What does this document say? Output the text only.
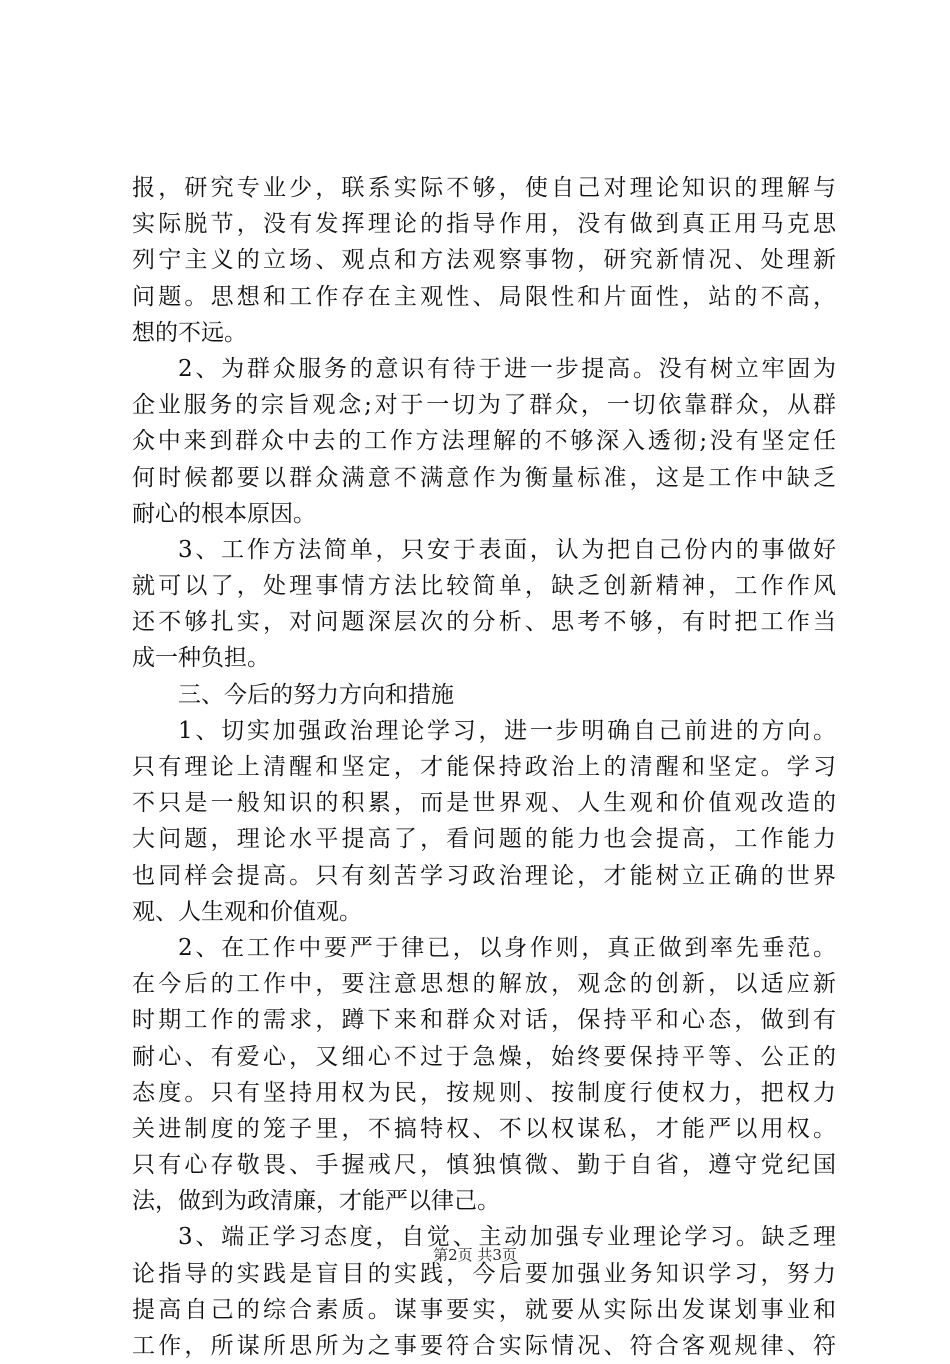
报，研究专业少，联系实际不够，使自己对理论知识的理解与
实际脱节，没有发挥理论的指导作用，没有做到真正用马克思
列宁主义的立场、观点和方法观察事物，研究新情况、处理新
问题。思想和工作存在主观性、局限性和片面性，站的不高，
想的不远。
2、为群众服务的意识有待于进一步提高。没有树立牢固为
企业服务的宗旨观念;对于一切为了群众，一切依靠群众，从群
众中来到群众中去的工作方法理解的不够深入透彻;没有坚定任
何时候都要以群众满意不满意作为衡量标准，这是工作中缺乏
耐心的根本原因。
3、工作方法简单，只安于表面，认为把自己份内的事做好
就可以了，处理事情方法比较简单，缺乏创新精神，工作作风
还不够扎实，对问题深层次的分析、思考不够，有时把工作当
成一种负担。
三、今后的努力方向和措施
1、切实加强政治理论学习，进一步明确自己前进的方向。
只有理论上清醒和坚定，才能保持政治上的清醒和坚定。学习
不只是一般知识的积累，而是世界观、人生观和价值观改造的
大问题，理论水平提高了，看问题的能力也会提高，工作能力
也同样会提高。只有刻苦学习政治理论，才能树立正确的世界
观、人生观和价值观。
2、在工作中要严于律已，以身作则，真正做到率先垂范。
在今后的工作中，要注意思想的解放，观念的创新，以适应新
时期工作的需求，蹲下来和群众对话，保持平和心态，做到有
耐心、有爱心，又细心不过于急燥，始终要保持平等、公正的
态度。只有坚持用权为民，按规则、按制度行使权力，把权力
关进制度的笼子里，不搞特权、不以权谋私，才能严以用权。
只有心存敬畏、手握戒尺，慎独慎微、勤于自省，遵守党纪国
法，做到为政清廉，才能严以律己。
3、端正学习态度，自觉、主动加强专业理论学习。缺乏理
论指导的实践是盲目的实践，今后要加强业务知识学习，努力
提高自己的综合素质。谋事要实，就要从实际出发谋划事业和
工作，所谋所思所为之事要符合实际情况、符合客观规律、符
第2页 共3页
